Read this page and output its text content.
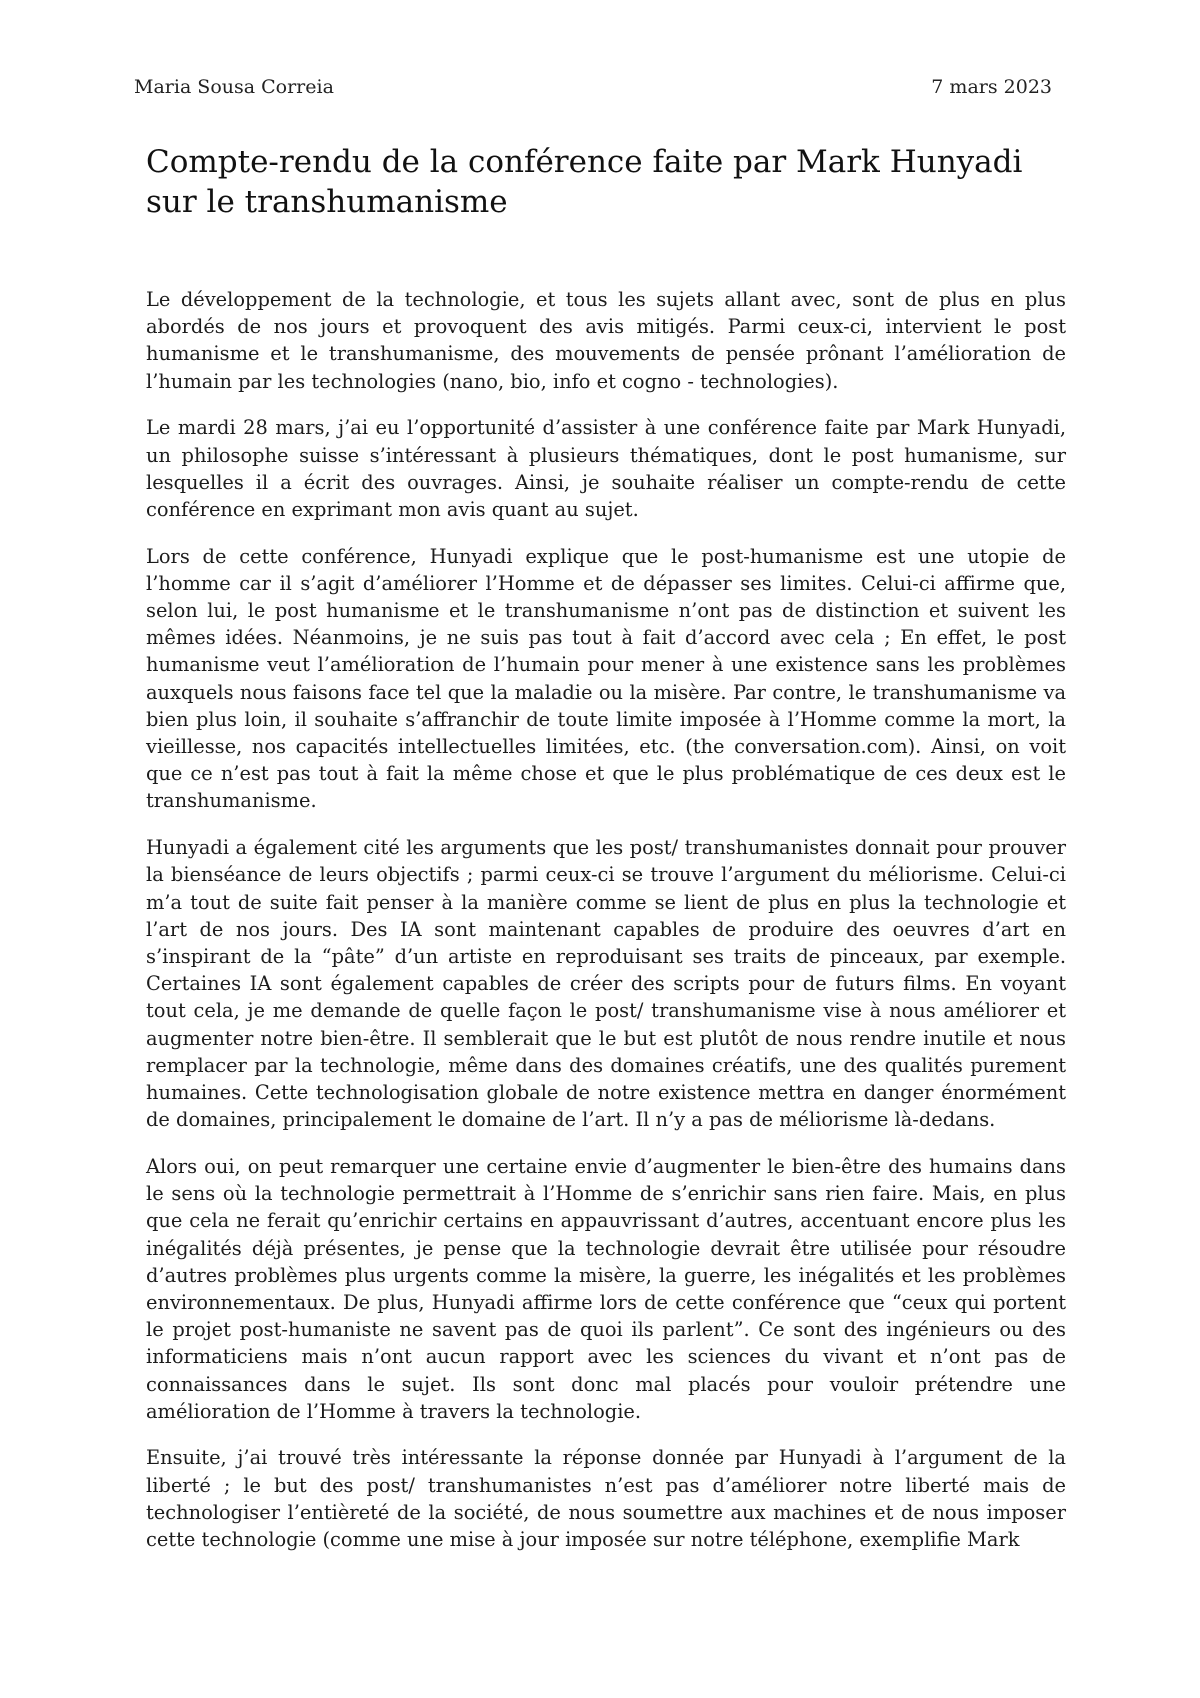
Maria Sousa Correia	7 mars 2023
Compte-rendu de la conférence faite par Mark Hunyadi sur le transhumanisme

Le développement de la technologie, et tous les sujets allant avec, sont de plus en plus abordés de nos jours et provoquent des avis mitigés. Parmi ceux-ci, intervient le post humanisme et le transhumanisme, des mouvements de pensée prônant l’amélioration de l’humain par les technologies (nano, bio, info et cogno - technologies).

Le mardi 28 mars, j’ai eu l’opportunité d’assister à une conférence faite par Mark Hunyadi, un philosophe suisse s’intéressant à plusieurs thématiques, dont le post humanisme, sur lesquelles il a écrit des ouvrages. Ainsi, je souhaite réaliser un compte-rendu de cette conférence en exprimant mon avis quant au sujet.

Lors de cette conférence, Hunyadi explique que le post-humanisme est une utopie de l’homme car il s’agit d’améliorer l’Homme et de dépasser ses limites. Celui-ci affirme que, selon lui, le post humanisme et le transhumanisme n’ont pas de distinction et suivent les mêmes idées. Néanmoins, je ne suis pas tout à fait d’accord avec cela ; En effet, le post humanisme veut l’amélioration de l’humain pour mener à une existence sans les problèmes auxquels nous faisons face tel que la maladie ou la misère. Par contre, le transhumanisme va bien plus loin, il souhaite s’affranchir de toute limite imposée à l’Homme comme la mort, la vieillesse, nos capacités intellectuelles limitées, etc. (the conversation.com). Ainsi, on voit que ce n’est pas tout à fait la même chose et que le plus problématique de ces deux est le transhumanisme.

Hunyadi a également cité les arguments que les post/ transhumanistes donnait pour prouver la bienséance de leurs objectifs ; parmi ceux-ci se trouve l’argument du méliorisme. Celui-ci m’a tout de suite fait penser à la manière comme se lient de plus en plus la technologie et l’art de nos jours. Des IA sont maintenant capables de produire des oeuvres d’art en s’inspirant de la “pâte” d’un artiste en reproduisant ses traits de pinceaux, par exemple. Certaines IA sont également capables de créer des scripts pour de futurs films. En voyant tout cela, je me demande de quelle façon le post/ transhumanisme vise à nous améliorer et augmenter notre bien-être. Il semblerait que le but est plutôt de nous rendre inutile et nous remplacer par la technologie, même dans des domaines créatifs, une des qualités purement humaines. Cette technologisation globale de notre existence mettra en danger énormément de domaines, principalement le domaine de l’art. Il n’y a pas de méliorisme là-dedans.

Alors oui, on peut remarquer une certaine envie d’augmenter le bien-être des humains dans le sens où la technologie permettrait à l’Homme de s’enrichir sans rien faire. Mais, en plus que cela ne ferait qu’enrichir certains en appauvrissant d’autres, accentuant encore plus les inégalités déjà présentes, je pense que la technologie devrait être utilisée pour résoudre d’autres problèmes plus urgents comme la misère, la guerre, les inégalités et les problèmes environnementaux. De plus, Hunyadi affirme lors de cette conférence que “ceux qui portent le projet post-humaniste ne savent pas de quoi ils parlent”. Ce sont des ingénieurs ou des informaticiens mais n’ont aucun rapport avec les sciences du vivant et n’ont pas de connaissances dans le sujet. Ils sont donc mal placés pour vouloir prétendre une amélioration de l’Homme à travers la technologie.

Ensuite, j’ai trouvé très intéressante la réponse donnée par Hunyadi à l’argument de la liberté ; le but des post/ transhumanistes n’est pas d’améliorer notre liberté mais de technologiser l’entièreté de la société, de nous soumettre aux machines et de nous imposer cette technologie (comme une mise à jour imposée sur notre téléphone, exemplifie Mark
